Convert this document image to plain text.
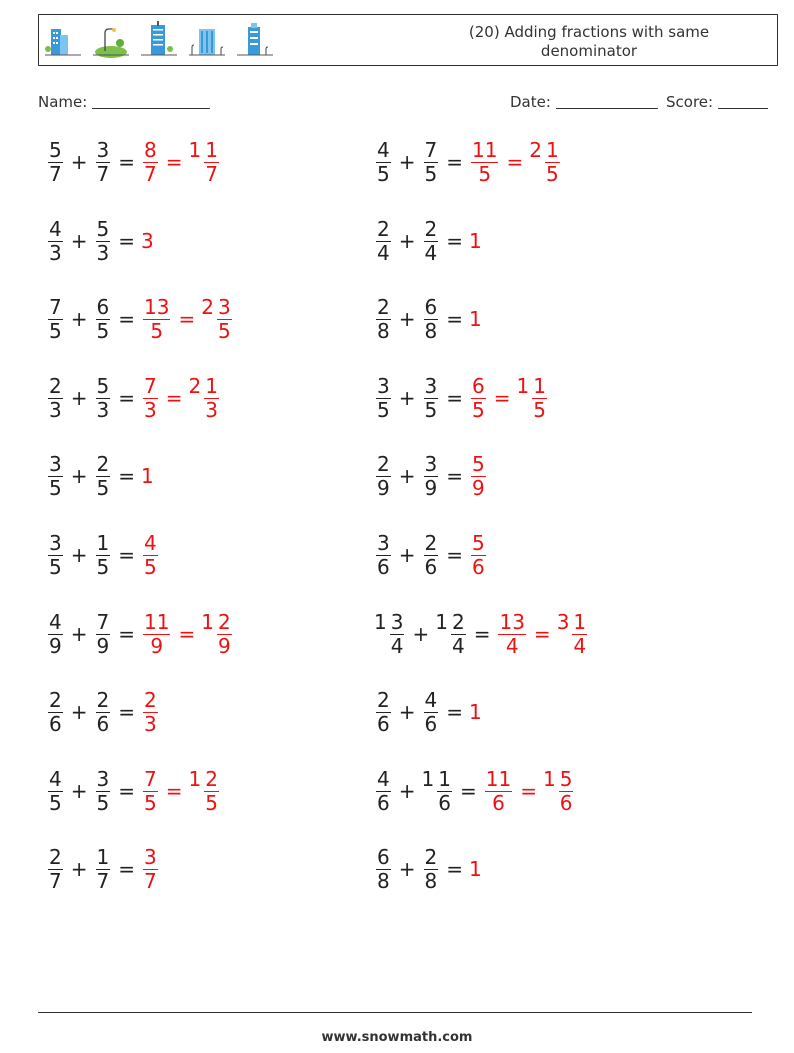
(20) Adding fractions with same denominator
Name:	Date:	Score:
$\frac{5}{7} + \frac{3}{7} = \frac{8}{7} = 1 \frac{1}{7}$	$\frac{4}{5} + \frac{7}{5} = \frac{11}{5} = 2 \frac{1}{5}$
$\frac{4}{3} + \frac{5}{3} = 3$	$\frac{2}{4} + \frac{2}{4} = 1$
$\frac{7}{5} + \frac{6}{5} = \frac{13}{5} = 2 \frac{3}{5}$	$\frac{2}{8} + \frac{6}{8} = 1$
$\frac{2}{3} + \frac{5}{3} = \frac{7}{3} = 2 \frac{1}{3}$	$\frac{3}{5} + \frac{3}{5} = \frac{6}{5} = 1 \frac{1}{5}$
$\frac{3}{5} + \frac{2}{5} = 1$	$\frac{2}{9} + \frac{3}{9} = \frac{5}{9}$
$\frac{3}{5} + \frac{1}{5} = \frac{4}{5}$	$\frac{3}{6} + \frac{2}{6} = \frac{5}{6}$
$\frac{4}{9} + \frac{7}{9} = \frac{11}{9} = 1 \frac{2}{9}$	$1 \frac{3}{4} + 1 \frac{2}{4} = \frac{13}{4} = 3 \frac{1}{4}$
$\frac{2}{6} + \frac{2}{6} = \frac{2}{3}$	$\frac{2}{6} + \frac{4}{6} = 1$
$\frac{4}{5} + \frac{3}{5} = \frac{7}{5} = 1 \frac{2}{5}$	$\frac{4}{6} + 1 \frac{1}{6} = \frac{11}{6} = 1 \frac{5}{6}$
$\frac{2}{7} + \frac{1}{7} = \frac{3}{7}$	$\frac{6}{8} + \frac{2}{8} = 1$
www.snowmath.com
